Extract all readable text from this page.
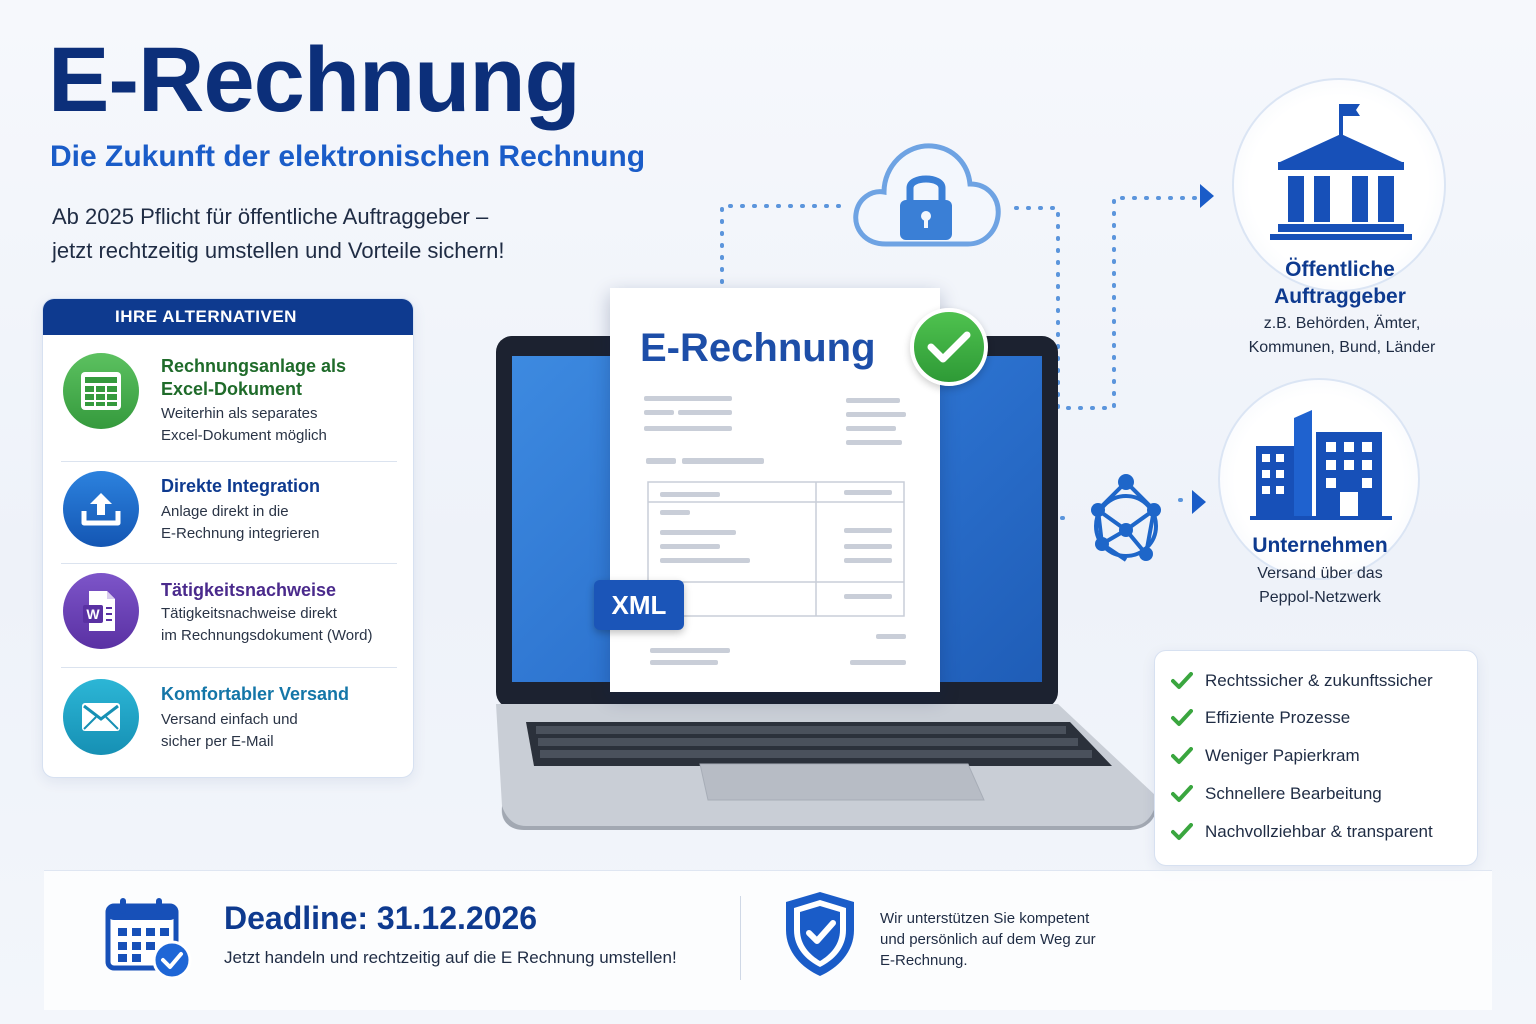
E-Rechnung
Die Zukunft der elektronischen Rechnung
Ab 2025 Pflicht für öffentliche Auftraggeber –
jetzt rechtzeitig umstellen und Vorteile sichern!
IHRE ALTERNATIVEN
Rechnungsanlage als Excel-Dokument
Weiterhin als separates
Excel-Dokument möglich
Direkte Integration
Anlage direkt in die
E-Rechnung integrieren
W
Tätigkeitsnachweise
Tätigkeitsnachweise direkt
im Rechnungsdokument (Word)
Komfortabler Versand
Versand einfach und
sicher per E-Mail
E-Rechnung
XML
Öffentliche
Auftraggeber
z.B. Behörden, Ämter,
Kommunen, Bund, Länder
Unternehmen
Versand über das
Peppol-Netzwerk
Rechtssicher & zukunftssicher
Effiziente Prozesse
Weniger Papierkram
Schnellere Bearbeitung
Nachvollziehbar & transparent
Deadline: 31.12.2026
Jetzt handeln und rechtzeitig auf die E Rechnung umstellen!
Wir unterstützen Sie kompetent
und persönlich auf dem Weg zur
E-Rechnung.
